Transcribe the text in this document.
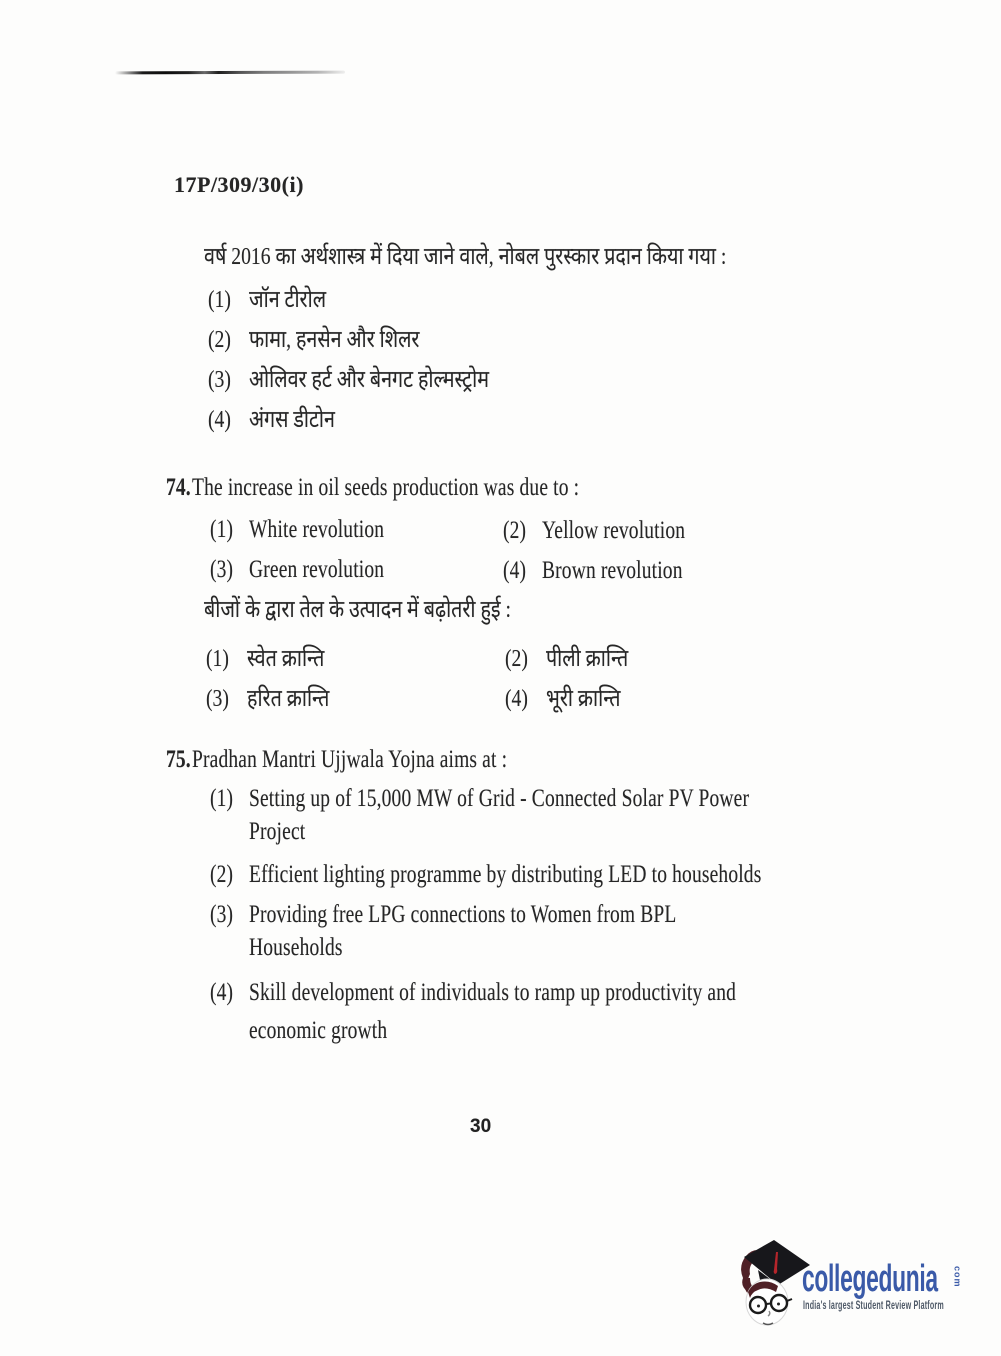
17P/309/30(i)
वर्ष 2016 का अर्थशास्त्र में दिया जाने वाले, नोबल पुरस्कार प्रदान किया गया :
(1) जॉन टीरोल
(2) फामा, हनसेन और शिलर
(3) ओलिवर हर्ट और बेनगट होल्मस्ट्रोम
(4) अंगस डीटोन
74. The increase in oil seeds production was due to :
(1) White revolution	(2) Yellow revolution
(3) Green revolution	(4) Brown revolution
बीजों के द्वारा तेल के उत्पादन में बढ़ोतरी हुई :
(1) स्वेत क्रान्ति	(2) पीली क्रान्ति
(3) हरित क्रान्ति	(4) भूरी क्रान्ति
75. Pradhan Mantri Ujjwala Yojna aims at :
(1) Setting up of 15,000 MW of Grid - Connected Solar PV Power
Project
(2) Efficient lighting programme by distributing LED to households
(3) Providing free LPG connections to Women from BPL
Households
(4) Skill development of individuals to ramp up productivity and
economic growth
30
collegedunia	com
India's largest Student Review Platform
